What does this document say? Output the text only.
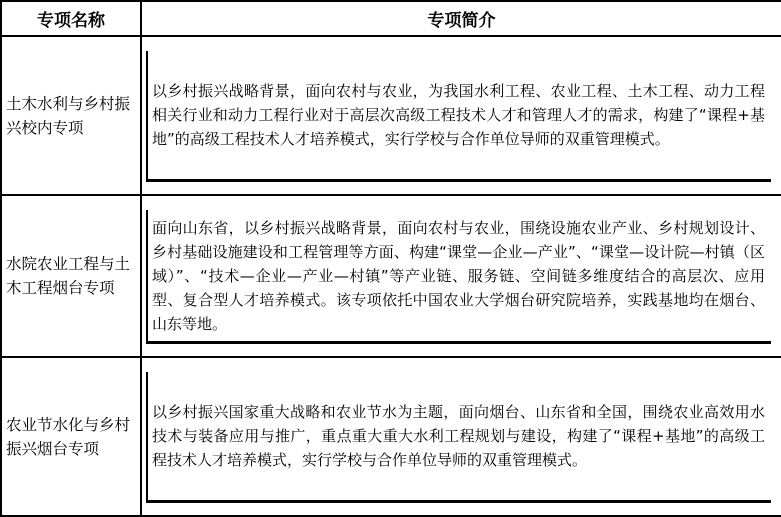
专项名称	专项简介
土木水利与乡村振兴校内专项	以乡村振兴战略背景，面向农村与农业，为我国水利工程、农业工程、土木工程、动力工程相关行业和动力工程行业对于高层次高级工程技术人才和管理人才的需求，构建了“课程+基地”的高级工程技术人才培养模式，实行学校与合作单位导师的双重管理模式。

水院农业工程与土木工程烟台专项	面向山东省，以乡村振兴战略背景，面向农村与农业，围绕设施农业产业、乡村规划设计、乡村基础设施建设和工程管理等方面、构建“课堂—企业—产业”、“课堂—设计院—村镇（区域）”、“技术—企业—产业—村镇”等产业链、服务链、空间链多维度结合的高层次、应用型、复合型人才培养模式。该专项依托中国农业大学烟台研究院培养，实践基地均在烟台、山东等地。

农业节水化与乡村振兴烟台专项	以乡村振兴国家重大战略和农业节水为主题，面向烟台、山东省和全国，围绕农业高效用水技术与装备应用与推广，重点重大重大水利工程规划与建设，构建了“课程+基地”的高级工程技术人才培养模式，实行学校与合作单位导师的双重管理模式。
